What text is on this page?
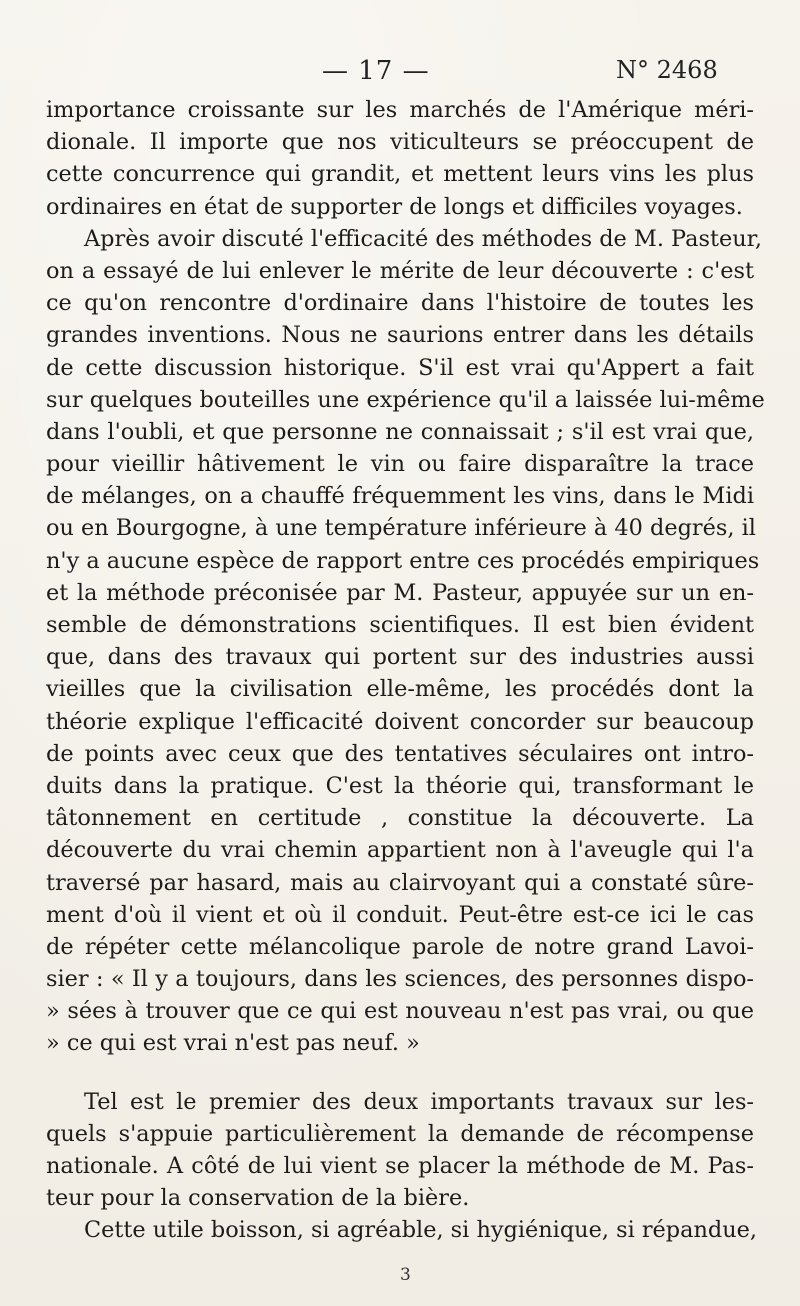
— 17 —	N° 2468
importance croissante sur les marchés de l'Amérique méri-
dionale. Il importe que nos viticulteurs se préoccupent de
cette concurrence qui grandit, et mettent leurs vins les plus
ordinaires en état de supporter de longs et difficiles voyages.
Après avoir discuté l'efficacité des méthodes de M. Pasteur,
on a essayé de lui enlever le mérite de leur découverte : c'est
ce qu'on rencontre d'ordinaire dans l'histoire de toutes les
grandes inventions. Nous ne saurions entrer dans les détails
de cette discussion historique. S'il est vrai qu'Appert a fait
sur quelques bouteilles une expérience qu'il a laissée lui-même
dans l'oubli, et que personne ne connaissait ; s'il est vrai que,
pour vieillir hâtivement le vin ou faire disparaître la trace
de mélanges, on a chauffé fréquemment les vins, dans le Midi
ou en Bourgogne, à une température inférieure à 40 degrés, il
n'y a aucune espèce de rapport entre ces procédés empiriques
et la méthode préconisée par M. Pasteur, appuyée sur un en-
semble de démonstrations scientifiques. Il est bien évident
que, dans des travaux qui portent sur des industries aussi
vieilles que la civilisation elle-même, les procédés dont la
théorie explique l'efficacité doivent concorder sur beaucoup
de points avec ceux que des tentatives séculaires ont intro-
duits dans la pratique. C'est la théorie qui, transformant le
tâtonnement en certitude , constitue la découverte. La
découverte du vrai chemin appartient non à l'aveugle qui l'a
traversé par hasard, mais au clairvoyant qui a constaté sûre-
ment d'où il vient et où il conduit. Peut-être est-ce ici le cas
de répéter cette mélancolique parole de notre grand Lavoi-
sier : « Il y a toujours, dans les sciences, des personnes dispo-
» sées à trouver que ce qui est nouveau n'est pas vrai, ou que
» ce qui est vrai n'est pas neuf. »
Tel est le premier des deux importants travaux sur les-
quels s'appuie particulièrement la demande de récompense
nationale. A côté de lui vient se placer la méthode de M. Pas-
teur pour la conservation de la bière.
Cette utile boisson, si agréable, si hygiénique, si répandue,
3
